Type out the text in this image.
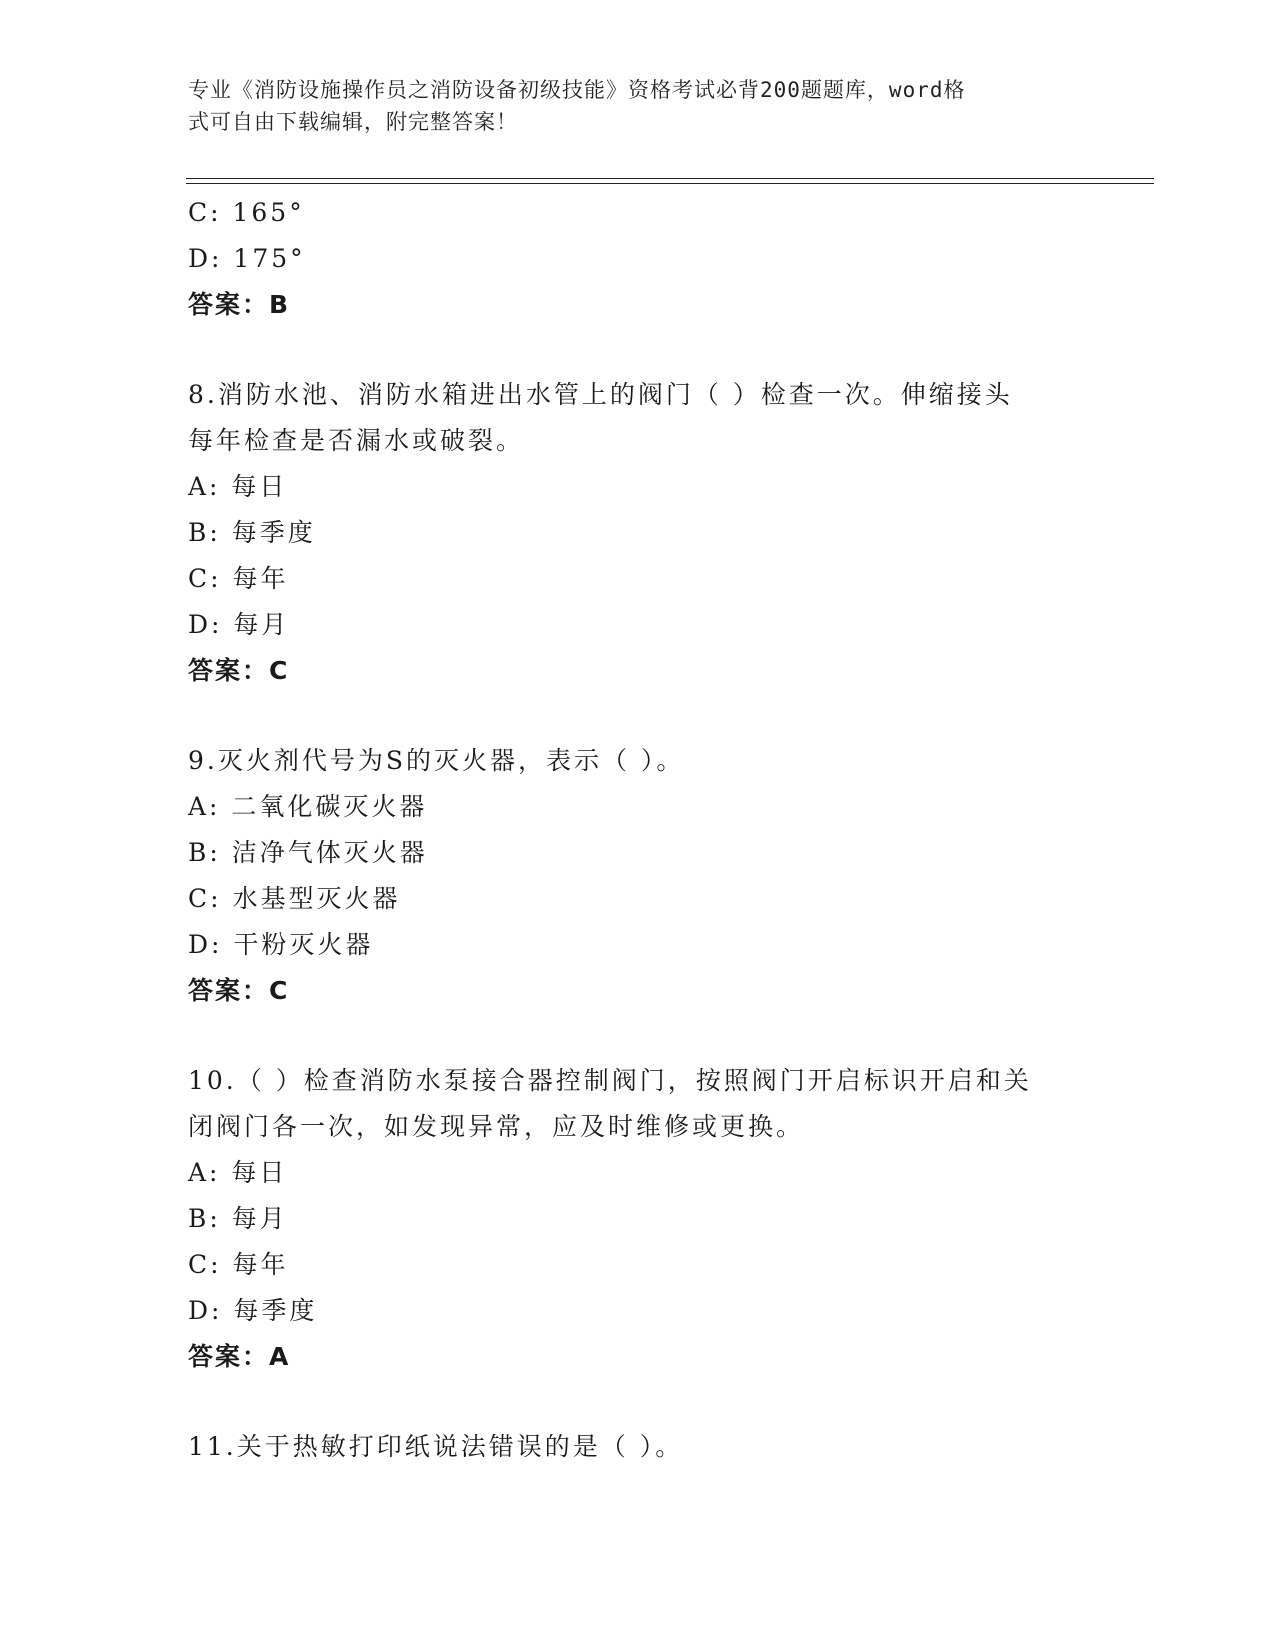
专业《消防设施操作员之消防设备初级技能》资格考试必背200题题库，word格
式可自由下载编辑，附完整答案！
C: 165°
D: 175°
答案：B
8.消防水池、消防水箱进出水管上的阀门（ ）检查一次。伸缩接头
每年检查是否漏水或破裂。
A: 每日
B: 每季度
C: 每年
D: 每月
答案：C
9.灭火剂代号为S的灭火器，表示（ ）。
A: 二氧化碳灭火器
B: 洁净气体灭火器
C: 水基型灭火器
D: 干粉灭火器
答案：C
10.（ ）检查消防水泵接合器控制阀门，按照阀门开启标识开启和关
闭阀门各一次，如发现异常，应及时维修或更换。
A: 每日
B: 每月
C: 每年
D: 每季度
答案：A
11.关于热敏打印纸说法错误的是（ ）。
